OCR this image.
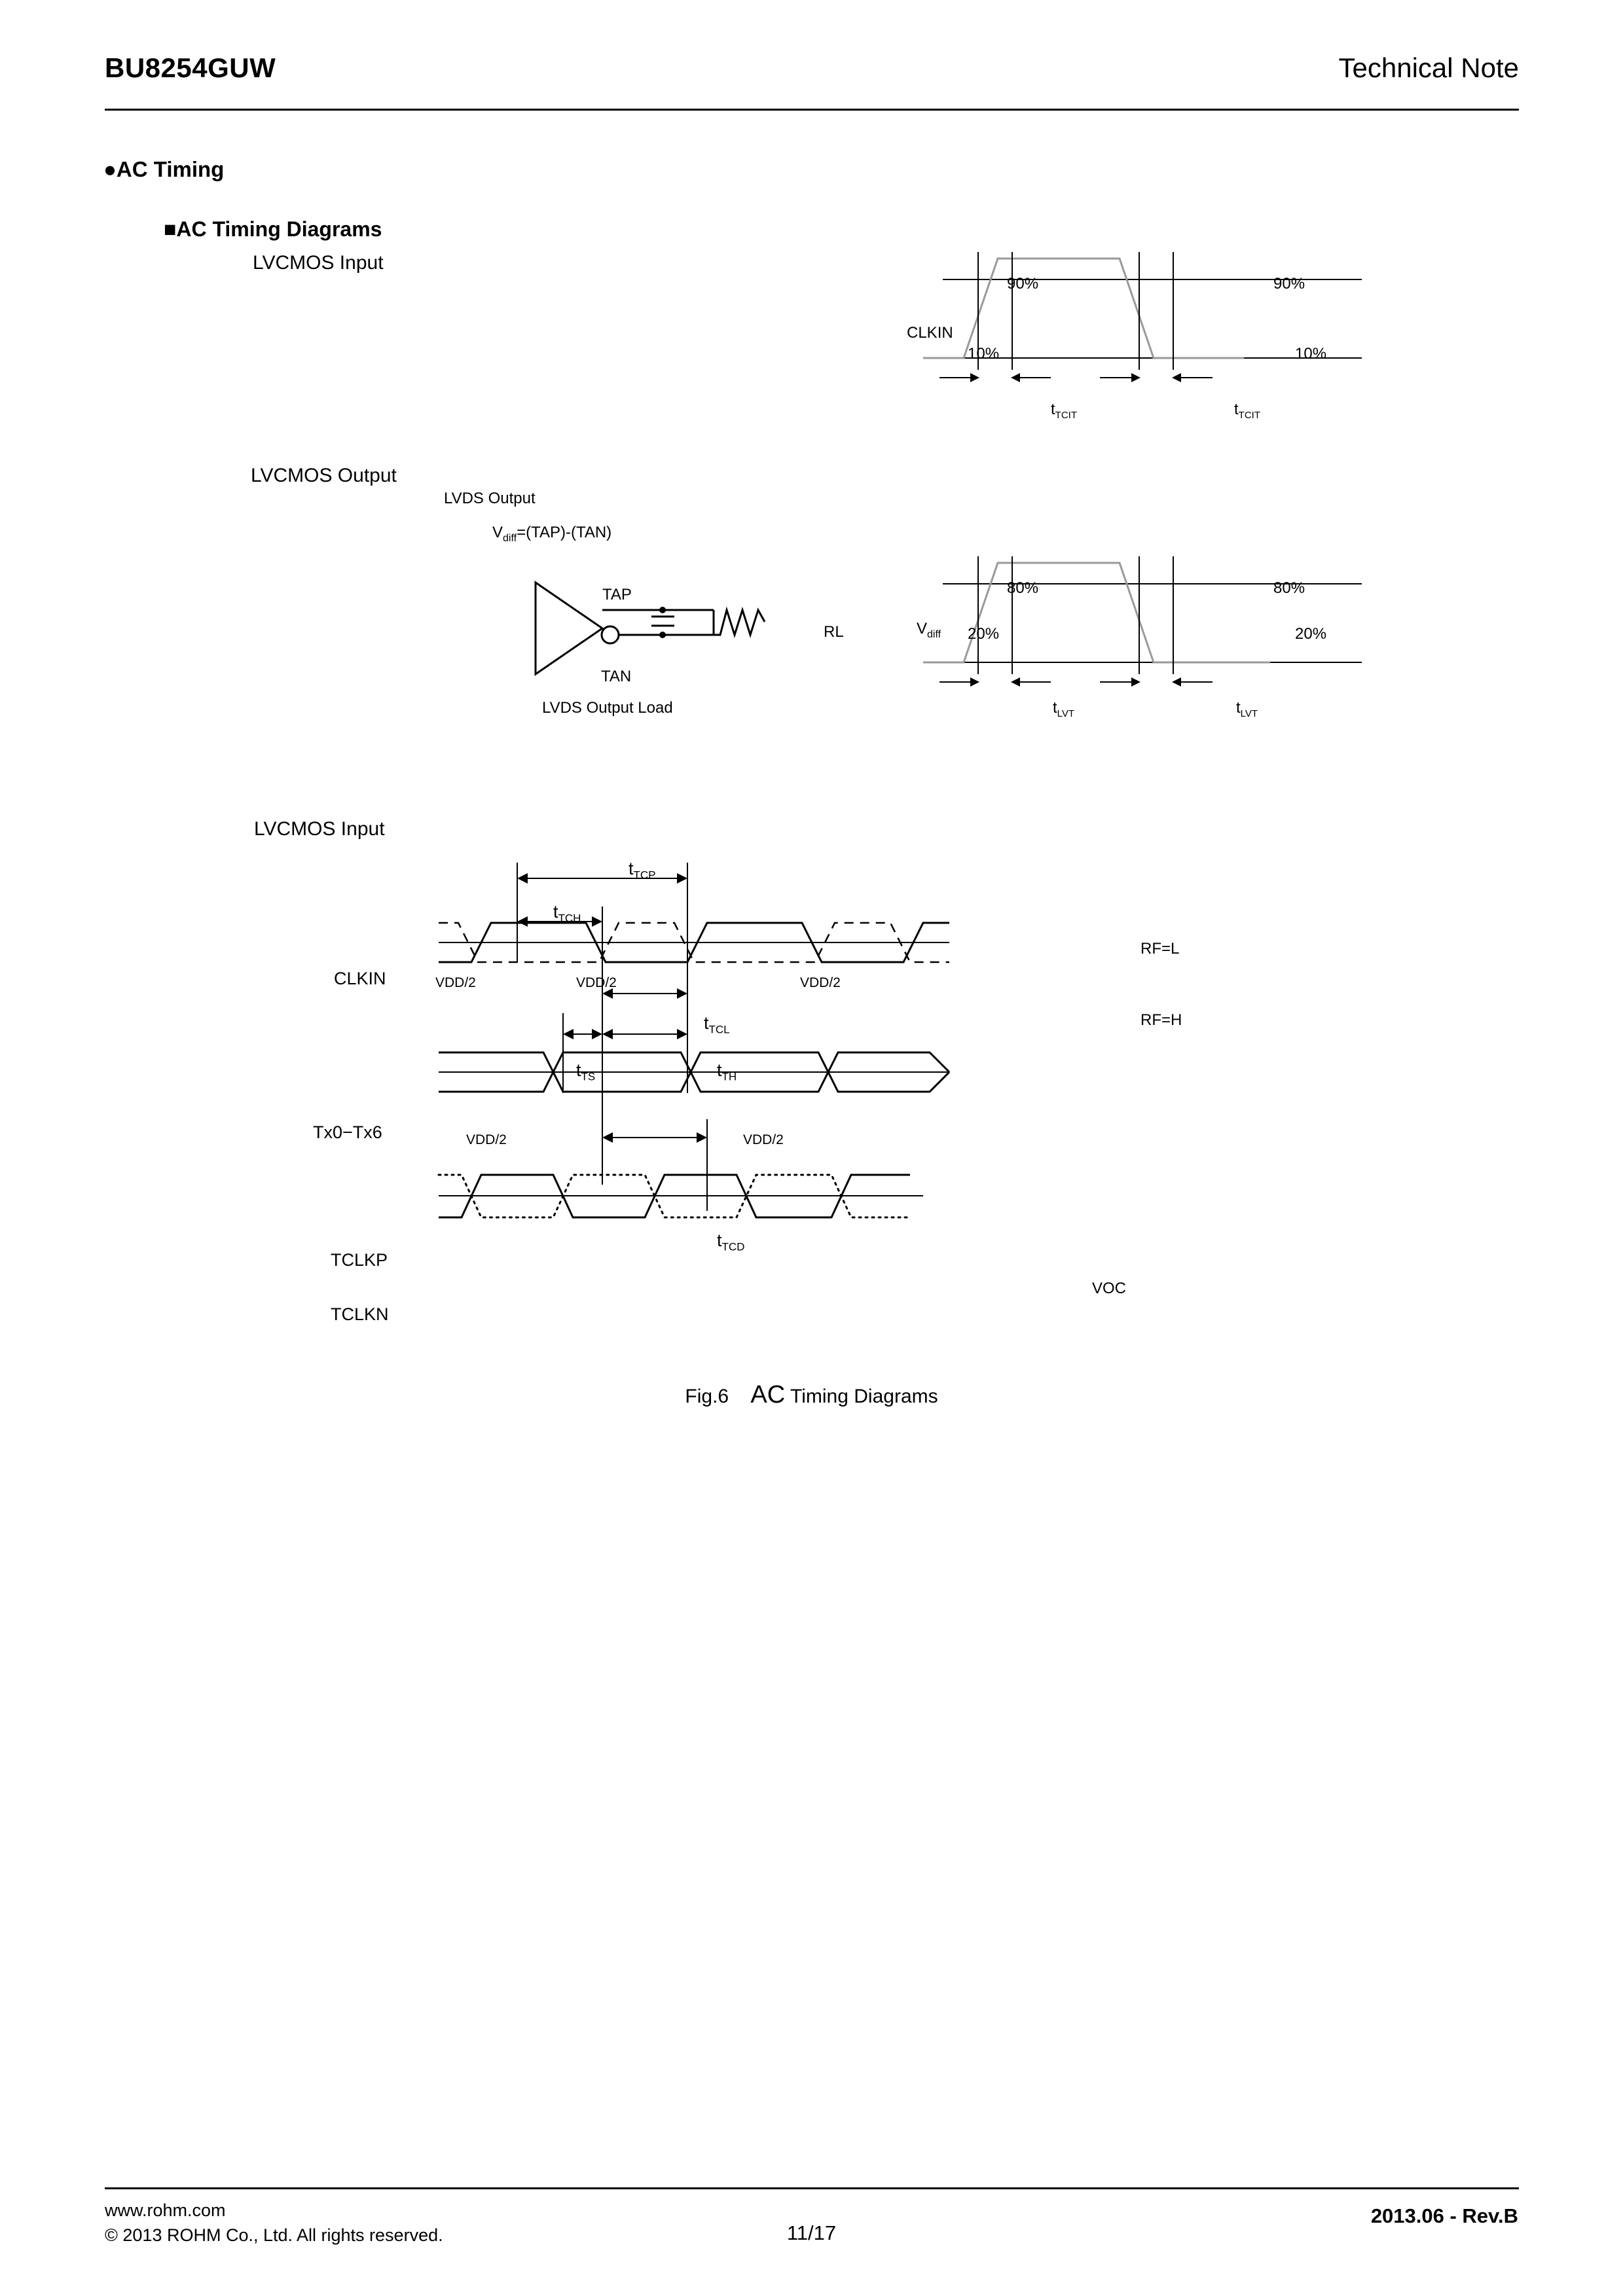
BU8254GUW	Technical Note
●AC Timing
■AC Timing Diagrams
LVCMOS Input
90%	90%
10%	10%
CLKIN
$t_{TCIT}$	$t_{TCIT}$
LVCMOS Output
LVDS Output
$V_{diff}=(TAP)-(TAN)$
TAP
TAN
RL
LVDS Output Load
80%	80%
20%	20%
$V_{diff}$
$t_{LVT}$	$t_{LVT}$
LVCMOS Input
CLKIN
Tx0−Tx6
TCLKP
TCLKN
$t_{TCP}$
$t_{TCH}$
$t_{TCL}$
$t_{TS}$	$t_{TH}$
$t_{TCD}$
VDD/2	VDD/2	VDD/2
VDD/2	VDD/2
RF=L
RF=H
VOC
Fig.6 AC Timing Diagrams
www.rohm.com
© 2013 ROHM Co., Ltd. All rights reserved.	11/17
2013.06 - Rev.B
